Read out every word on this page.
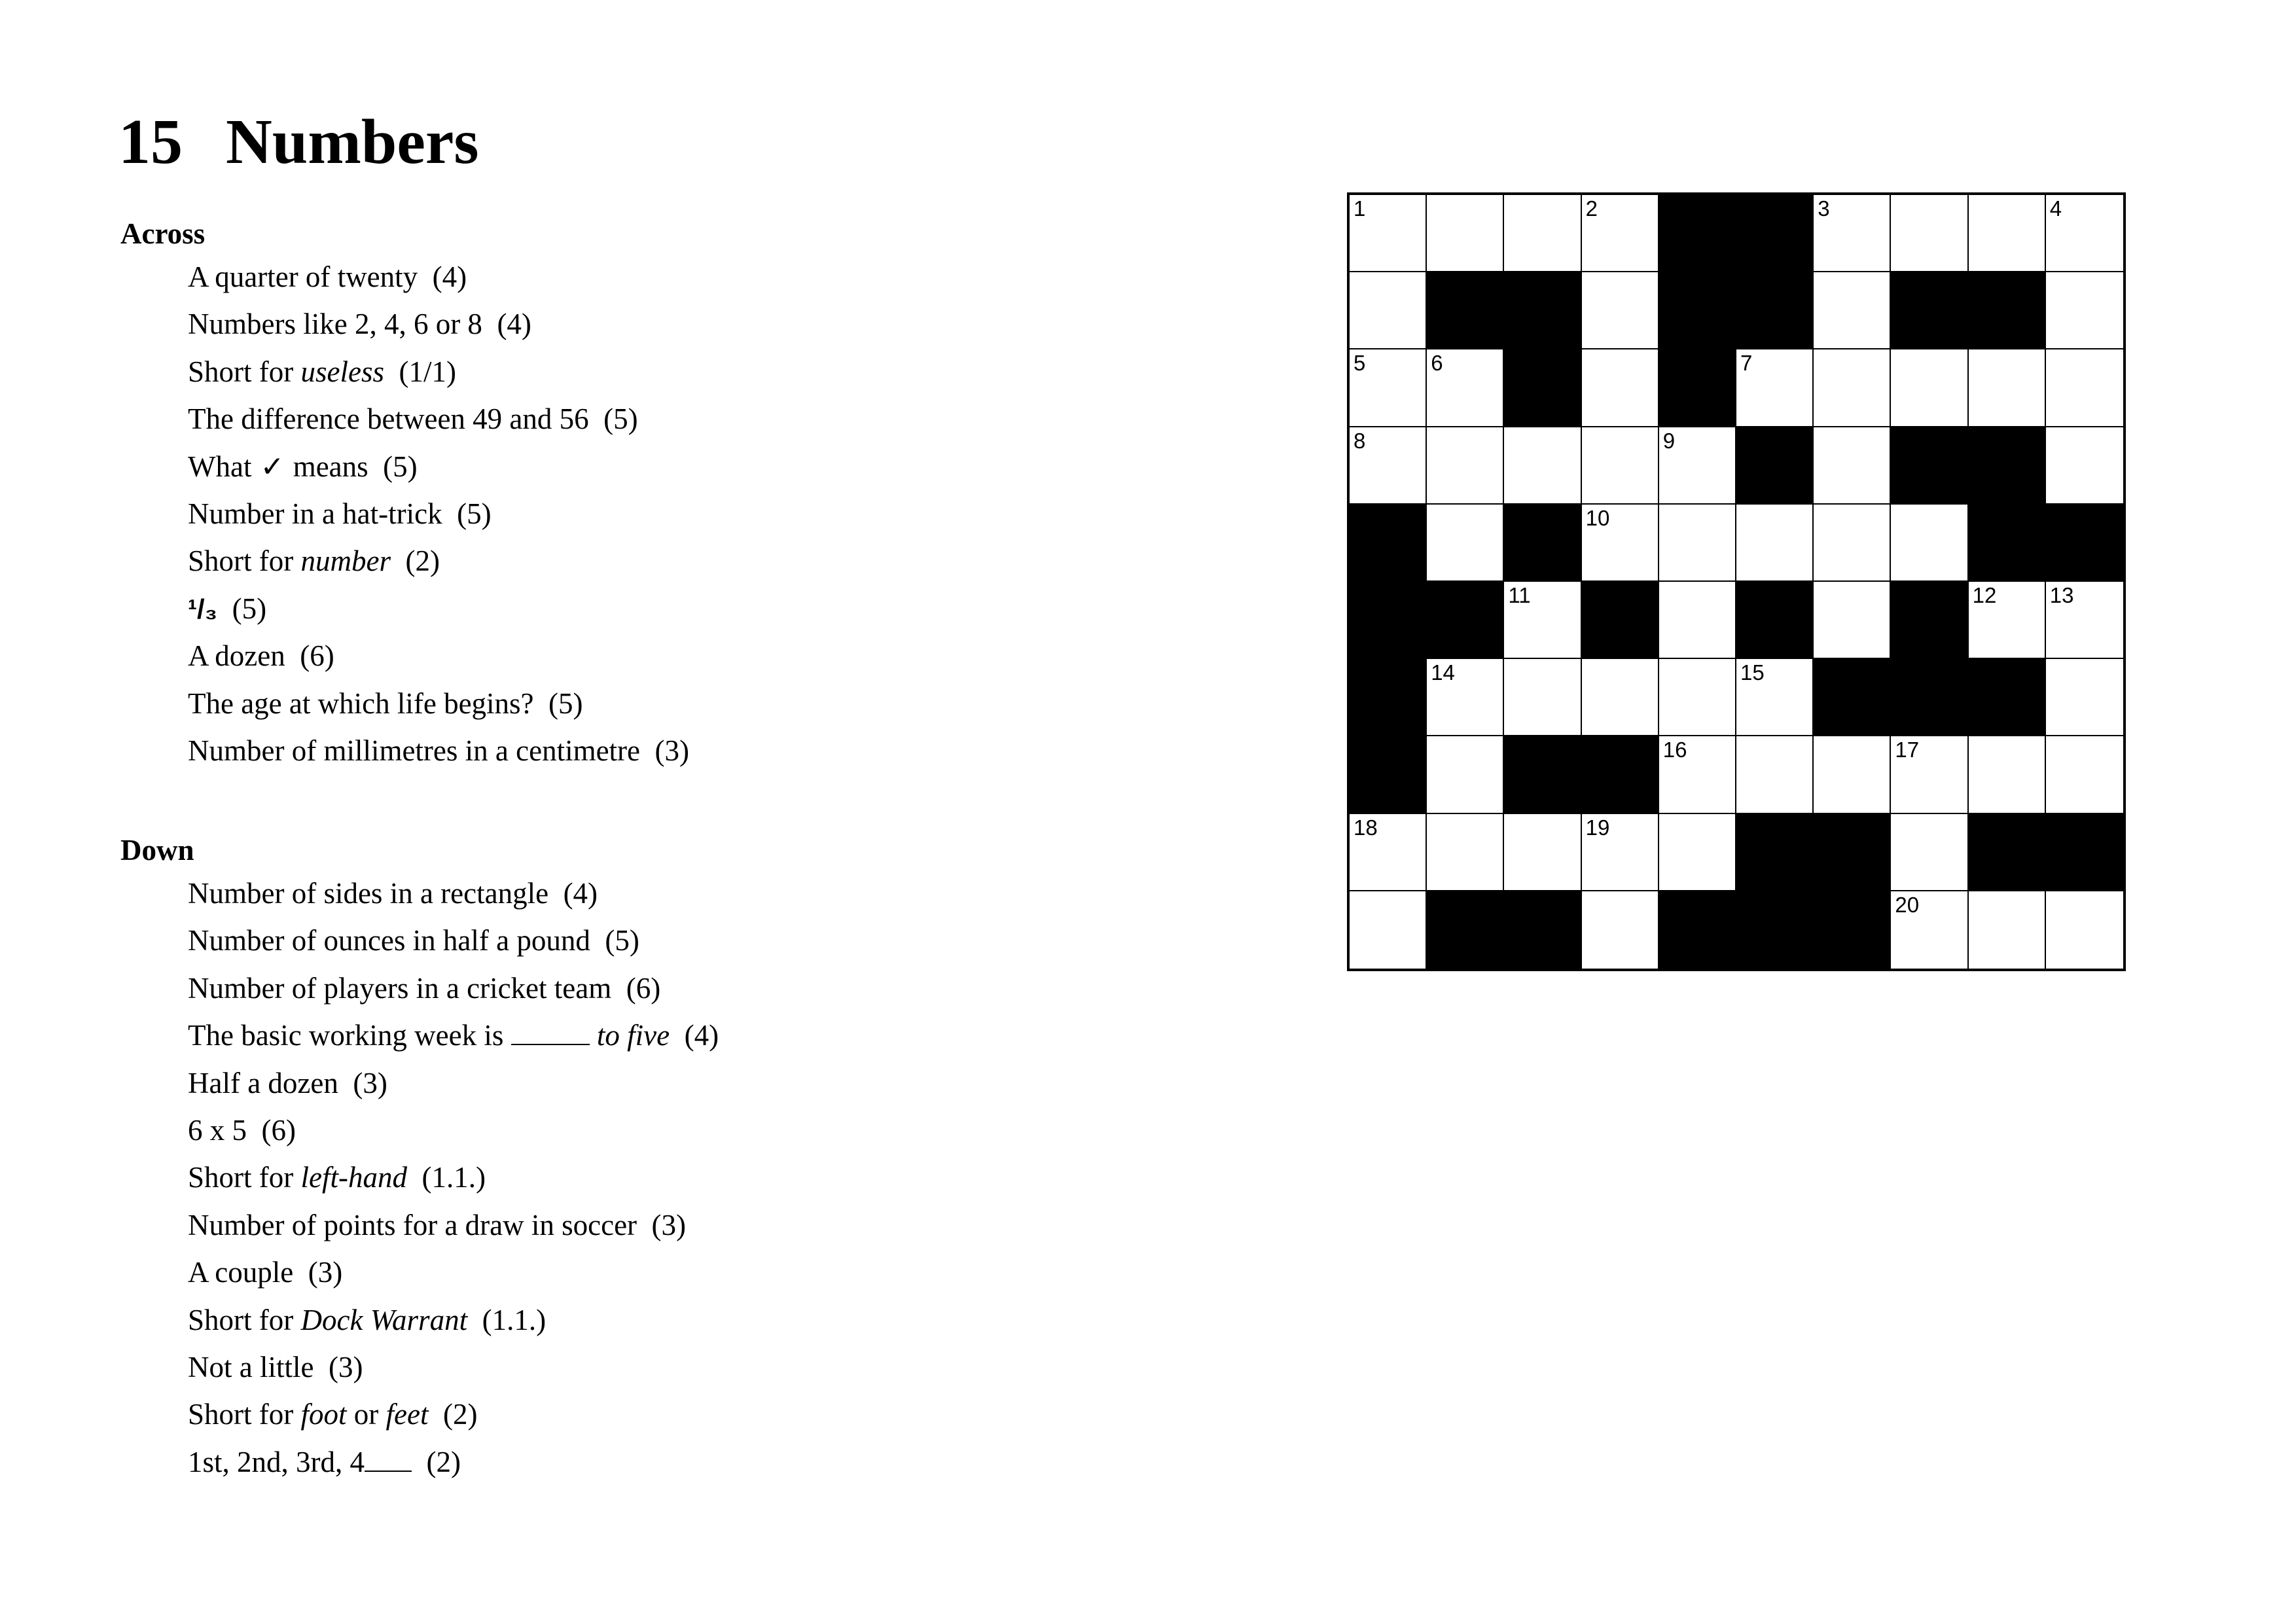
15 Numbers
Across
A quarter of twenty (4)
Numbers like 2, 4, 6 or 8 (4)
Short for useless (1/1)
The difference between 49 and 56 (5)
What ✓ means (5)
Number in a hat-trick (5)
Short for number (2)
¹/₃ (5)
A dozen (6)
The age at which life begins? (5)
Number of millimetres in a centimetre (3)
Down
Number of sides in a rectangle (4)
Number of ounces in half a pound (5)
Number of players in a cricket team (6)
The basic working week is	to five (4)
Half a dozen (3)
6 x 5 (6)
Short for left-hand (1.1.)
Number of points for a draw in soccer (3)
A couple (3)
Short for Dock Warrant (1.1.)
Not a little (3)
Short for foot or feet (2)
1st, 2nd, 3rd, 4 (2)
1	2	3	4
5	6	7
8	9
10
11	12 13
14	15
16	17
18	19
20
